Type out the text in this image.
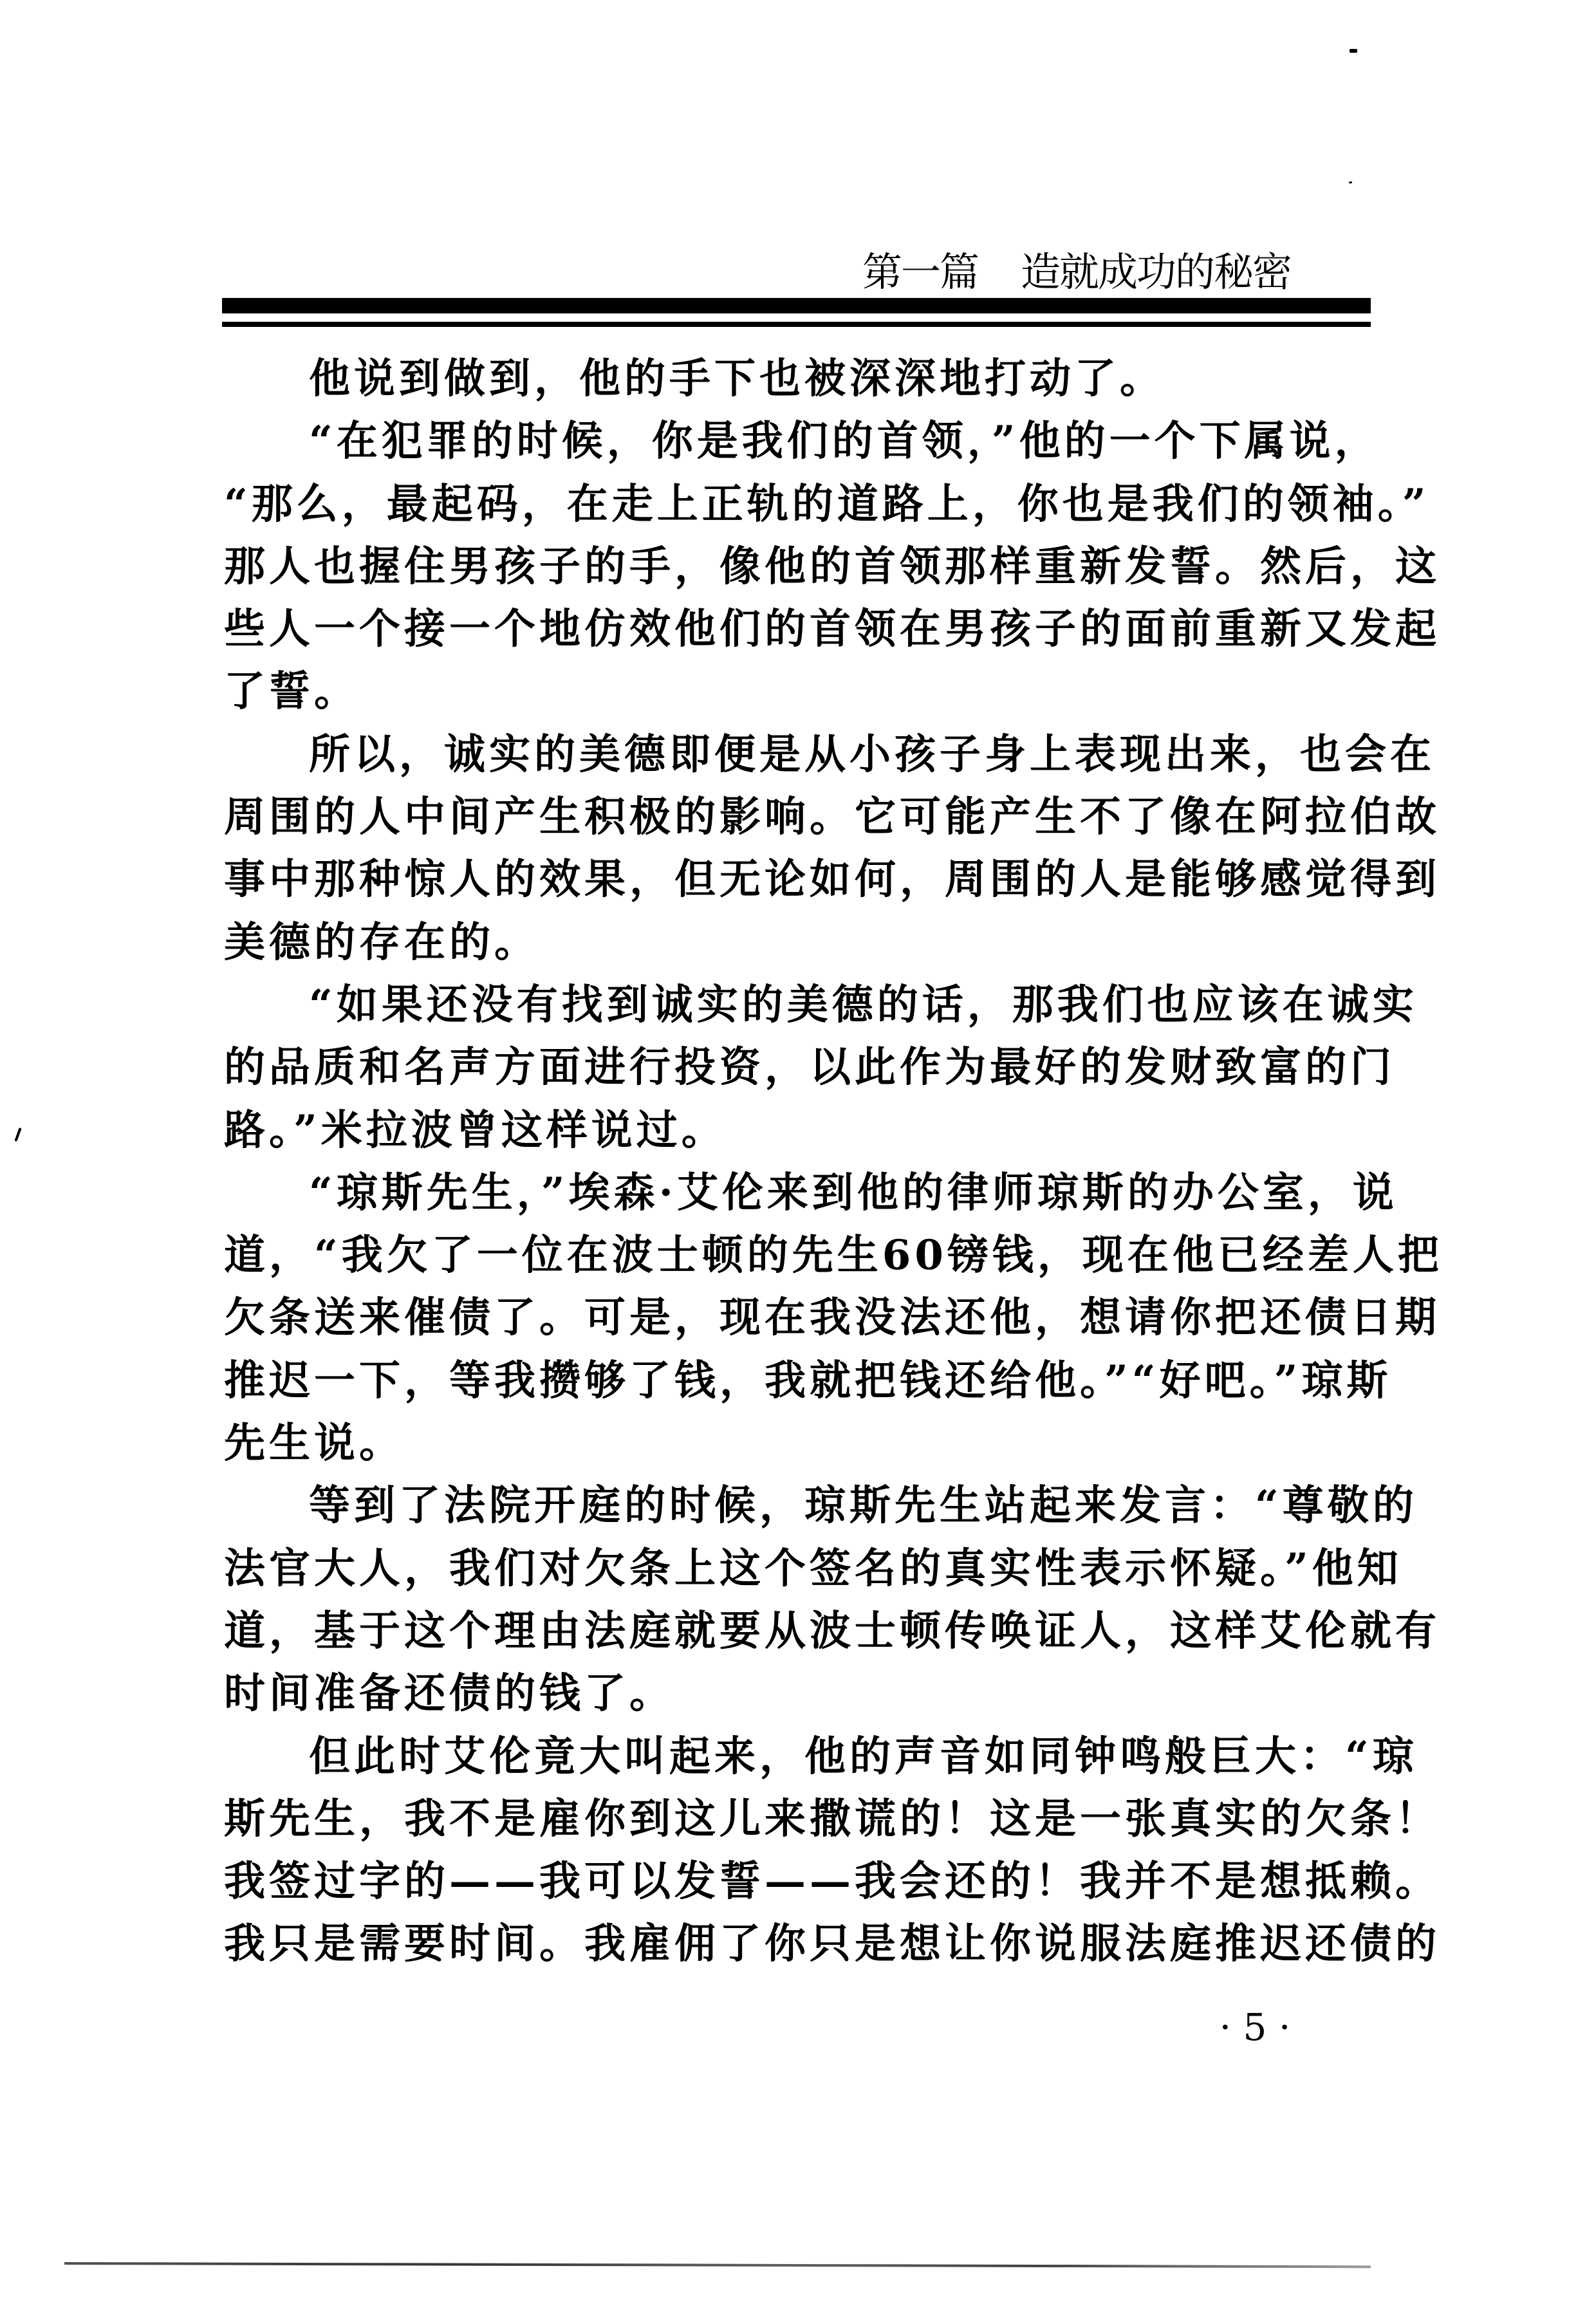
第一篇 造就成功的秘密
他说到做到，他的手下也被深深地打动了。
“在犯罪的时候，你是我们的首领，”他的一个下属说，
“那么，最起码，在走上正轨的道路上，你也是我们的领袖。”
那人也握住男孩子的手，像他的首领那样重新发誓。然后，这
些人一个接一个地仿效他们的首领在男孩子的面前重新又发起
了誓。
所以，诚实的美德即便是从小孩子身上表现出来，也会在
周围的人中间产生积极的影响。它可能产生不了像在阿拉伯故
事中那种惊人的效果，但无论如何，周围的人是能够感觉得到
美德的存在的。
“如果还没有找到诚实的美德的话，那我们也应该在诚实
的品质和名声方面进行投资，以此作为最好的发财致富的门
路。”米拉波曾这样说过。
“琼斯先生，”埃森·艾伦来到他的律师琼斯的办公室，说
道，“我欠了一位在波士顿的先生60镑钱，现在他已经差人把
欠条送来催债了。可是，现在我没法还他，想请你把还债日期
推迟一下，等我攒够了钱，我就把钱还给他。”“好吧。”琼斯
先生说。
等到了法院开庭的时候，琼斯先生站起来发言：“尊敬的
法官大人，我们对欠条上这个签名的真实性表示怀疑。”他知
道，基于这个理由法庭就要从波士顿传唤证人，这样艾伦就有
时间准备还债的钱了。
但此时艾伦竟大叫起来，他的声音如同钟鸣般巨大：“琼
斯先生，我不是雇你到这儿来撒谎的！这是一张真实的欠条！
我签过字的——我可以发誓——我会还的！我并不是想抵赖。
我只是需要时间。我雇佣了你只是想让你说服法庭推迟还债的
· 5 ·
